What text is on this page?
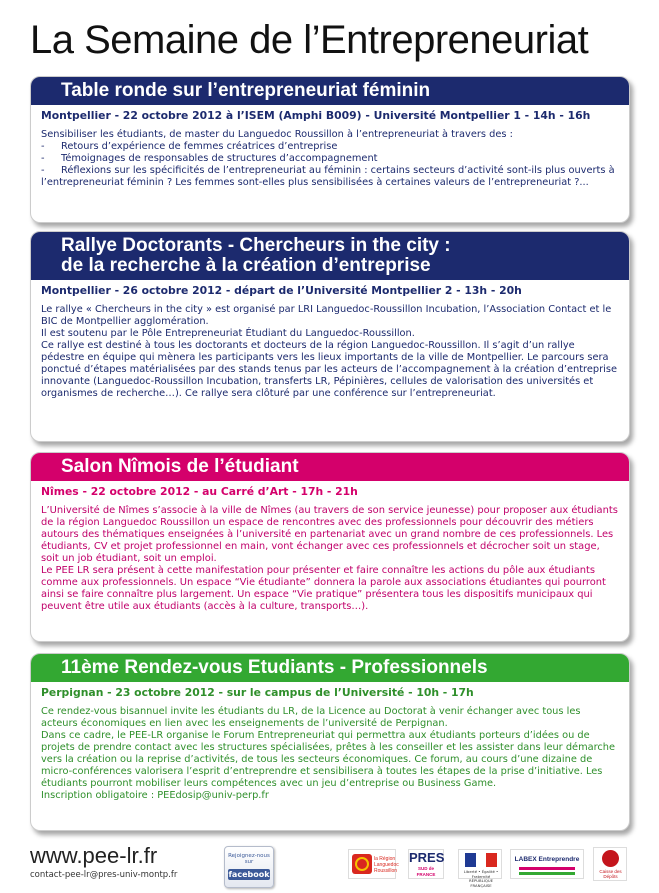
La Semaine de l’Entrepreneuriat
Table ronde sur l’entrepreneuriat féminin
Montpellier - 22 octobre 2012 à l’ISEM (Amphi B009) - Université Montpellier 1 - 14h - 16h

Sensibiliser les étudiants, de master du Languedoc Roussillon à l’entrepreneuriat à travers des :

- Retours d’expérience de femmes créatrices d’entreprise

- Témoignages de responsables de structures d’accompagnement

- Réflexions sur les spécificités de l’entrepreneuriat au féminin : certains secteurs d’activité sont-ils plus ouverts à l’entrepreneuriat féminin ? Les femmes sont-elles plus sensibilisées à certaines valeurs de l’entrepreneuriat ?...

Rallye Doctorants - Chercheurs in the city :
de la recherche à la création d’entreprise
Montpellier - 26 octobre 2012 - départ de l’Université Montpellier 2 - 13h - 20h

Le rallye « Chercheurs in the city » est organisé par LRI Languedoc-Roussillon Incubation, l’Association Contact et le BIC de Montpellier agglomération.

Il est soutenu par le Pôle Entrepreneuriat Étudiant du Languedoc-Roussillon.

Ce rallye est destiné à tous les doctorants et docteurs de la région Languedoc-Roussillon. Il s’agit d’un rallye pédestre en équipe qui mènera les participants vers les lieux importants de la ville de Montpellier. Le parcours sera ponctué d’étapes matérialisées par des stands tenus par les acteurs de l’accompagnement à la création d’entreprise innovante (Languedoc-Roussillon Incubation, transferts LR, Pépinières, cellules de valorisation des universités et organismes de recherche…). Ce rallye sera clôturé par une conférence sur l’entrepreneuriat.

Salon Nîmois de l’étudiant
Nîmes - 22 octobre 2012 - au Carré d’Art - 17h - 21h

L’Université de Nîmes s’associe à la ville de Nîmes (au travers de son service jeunesse) pour proposer aux étudiants de la région Languedoc Roussillon un espace de rencontres avec des professionnels pour découvrir des métiers autours des thématiques enseignées à l’université en partenariat avec un grand nombre de ces professionnels. Les étudiants, CV et projet professionnel en main, vont échanger avec ces professionnels et décrocher soit un stage, soit un job étudiant, soit un emploi.

Le PEE LR sera présent à cette manifestation pour présenter et faire connaître les actions du pôle aux étudiants comme aux professionnels. Un espace “Vie étudiante” donnera la parole aux associations étudiantes qui pourront ainsi se faire connaître plus largement. Un espace “Vie pratique” présentera tous les dispositifs municipaux qui peuvent être utile aux étudiants (accès à la culture, transports…).

11ème Rendez-vous Etudiants - Professionnels
Perpignan - 23 octobre 2012 - sur le campus de l’Université - 10h - 17h

Ce rendez-vous bisannuel invite les étudiants du LR, de la Licence au Doctorat à venir échanger avec tous les acteurs économiques en lien avec les enseignements de l’université de Perpignan.

Dans ce cadre, le PEE-LR organise le Forum Entrepreneuriat qui permettra aux étudiants porteurs d’idées ou de projets de prendre contact avec les structures spécialisées, prêtes à les conseiller et les assister dans leur démarche vers la création ou la reprise d’activités, de tous les secteurs économiques. Ce forum, au cours d’une dizaine de micro-conférences valorisera l’esprit d’entreprendre et sensibilisera à toutes les étapes de la prise d’initiative. Les étudiants pourront mobiliser leurs compétences avec un jeu d’entreprise ou Business Game.

Inscription obligatoire : PEEdosip@univ-perp.fr

www.pee-lr.fr
contact-pee-lr@pres-univ-montp.fr
Rejoignez-nous sur
facebook
la Région Languedoc Roussillon
PRES
SUD de FRANCE
Liberté • Égalité • Fraternité RÉPUBLIQUE FRANÇAISE
LABEX Entreprendre
Caisse des Dépôts
